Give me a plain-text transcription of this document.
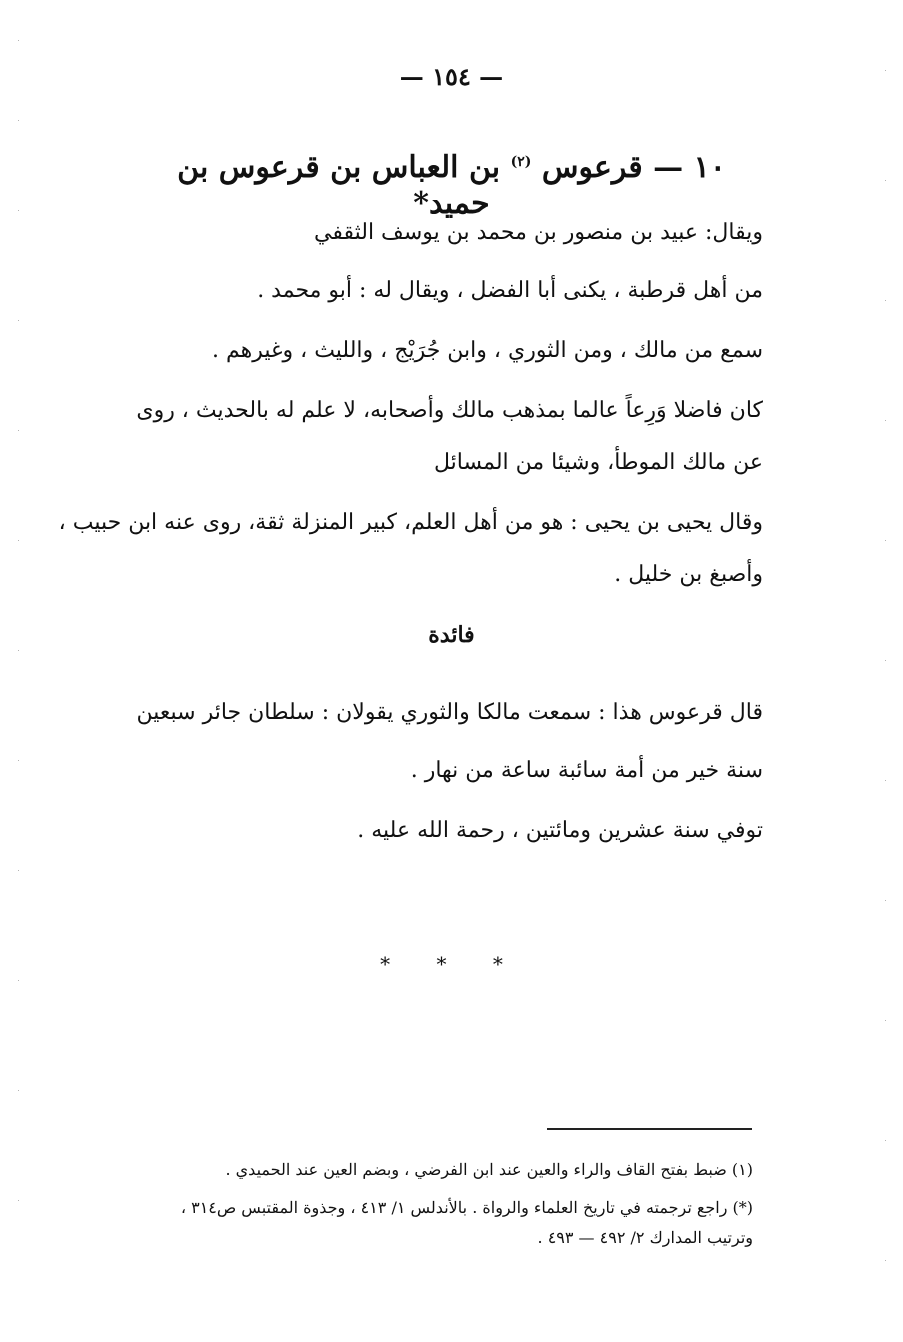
— ١٥٤ —
١٠ — قرعوس $^{(٢)}$ بن العباس بن قرعوس بن حميد*
ويقال: عبيد بن منصور بن محمد بن يوسف الثقفي
من أهل قرطبة ، يكنى أبا الفضل ، ويقال له : أبو محمد .
سمع من مالك ، ومن الثوري ، وابن جُرَيْج ، والليث ، وغيرهم .
كان فاضلا وَرِعاً عالما بمذهب مالك وأصحابه، لا علم له بالحديث ، روى
عن مالك الموطأ، وشيئا من المسائل
وقال يحيى بن يحيى : هو من أهل العلم، كبير المنزلة ثقة، روى عنه ابن حبيب ،
وأصبغ بن خليل .
فائدة
قال قرعوس هذا : سمعت مالكا والثوري يقولان : سلطان جائر سبعين
سنة خير من أمة سائبة ساعة من نهار .
توفي سنة عشرين ومائتين ، رحمة الله عليه .
* * *
(١) ضبط بفتح القاف والراء والعين عند ابن الفرضي ، وبضم العين عند الحميدي .
(*) راجع ترجمته في تاريخ العلماء والرواة . بالأندلس ١/ ٤١٣ ، وجذوة المقتبس ص٣١٤ ،
وترتيب المدارك ٢/ ٤٩٢ — ٤٩٣ .
